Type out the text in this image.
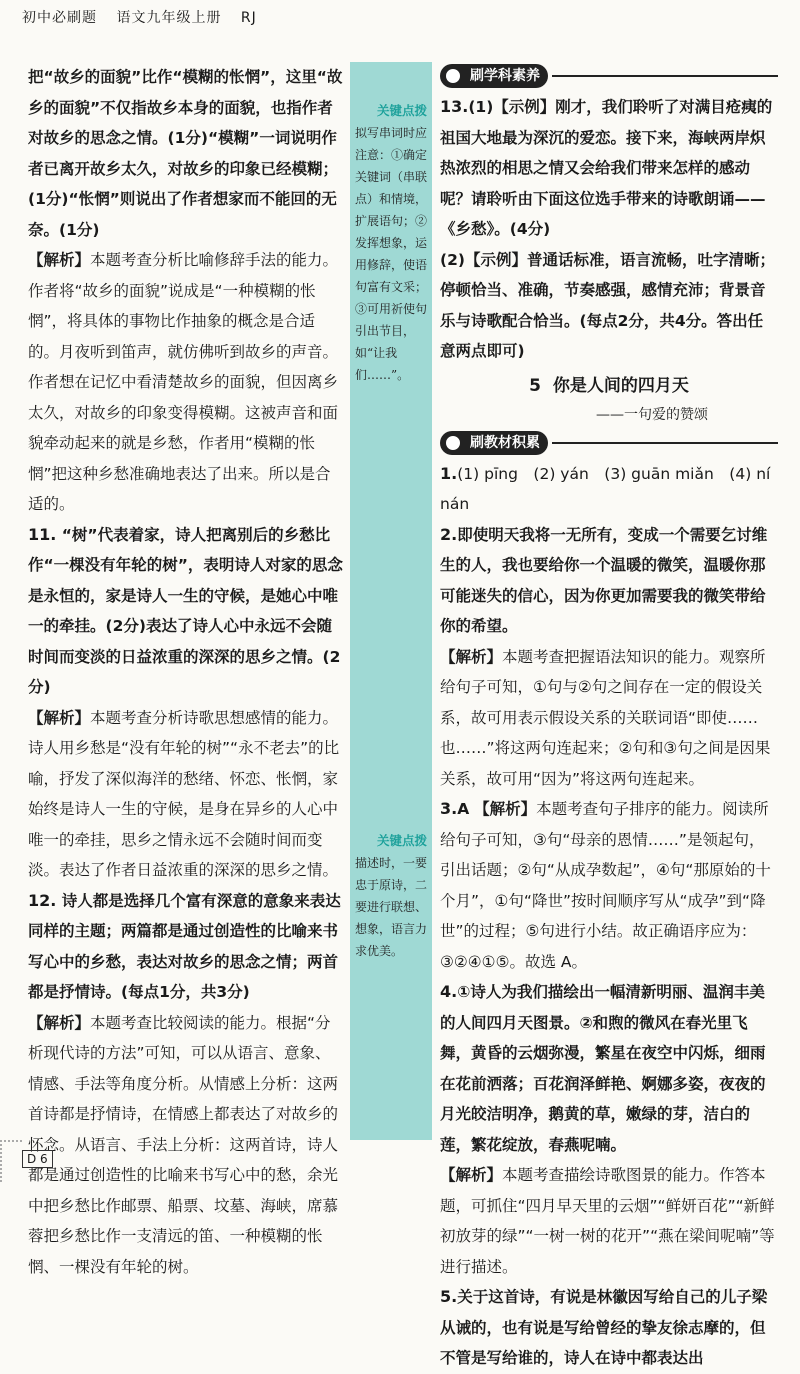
初中必刷题 语文九年级上册 RJ
关键点拨
拟写串词时应注意：①确定关键词（串联点）和情境，扩展语句；②发挥想象，运用修辞，使语句富有文采；③可用祈使句引出节目，如“让我们……”。
关键点拨
描述时，一要忠于原诗，二要进行联想、想象，语言力求优美。

把“故乡的面貌”比作“模糊的怅惘”，这里“故乡的面貌”不仅指故乡本身的面貌，也指作者对故乡的思念之情。(1分)“模糊”一词说明作者已离开故乡太久，对故乡的印象已经模糊；(1分)“怅惘”则说出了作者想家而不能回的无奈。(1分)

【解析】本题考查分析比喻修辞手法的能力。作者将“故乡的面貌”说成是“一种模糊的怅惘”，将具体的事物比作抽象的概念是合适的。月夜听到笛声，就仿佛听到故乡的声音。作者想在记忆中看清楚故乡的面貌，但因离乡太久，对故乡的印象变得模糊。这被声音和面貌牵动起来的就是乡愁，作者用“模糊的怅惘”把这种乡愁准确地表达了出来。所以是合适的。

11. “树”代表着家，诗人把离别后的乡愁比作“一棵没有年轮的树”，表明诗人对家的思念是永恒的，家是诗人一生的守候，是她心中唯一的牵挂。(2分)表达了诗人心中永远不会随时间而变淡的日益浓重的深深的思乡之情。(2分)

【解析】本题考查分析诗歌思想感情的能力。诗人用乡愁是“没有年轮的树”“永不老去”的比喻，抒发了深似海洋的愁绪、怀恋、怅惘，家始终是诗人一生的守候，是身在异乡的人心中唯一的牵挂，思乡之情永远不会随时间而变淡。表达了作者日益浓重的深深的思乡之情。

12. 诗人都是选择几个富有深意的意象来表达同样的主题；两篇都是通过创造性的比喻来书写心中的乡愁，表达对故乡的思念之情；两首都是抒情诗。(每点1分，共3分)

【解析】本题考查比较阅读的能力。根据“分析现代诗的方法”可知，可以从语言、意象、情感、手法等角度分析。从情感上分析：这两首诗都是抒情诗，在情感上都表达了对故乡的怀念。从语言、手法上分析：这两首诗，诗人都是通过创造性的比喻来书写心中的愁，余光中把乡愁比作邮票、船票、坟墓、海峡，席慕蓉把乡愁比作一支清远的笛、一种模糊的怅惘、一棵没有年轮的树。

刷学科素养

13.(1)【示例】刚才，我们聆听了对满目疮痍的祖国大地最为深沉的爱恋。接下来，海峡两岸炽热浓烈的相思之情又会给我们带来怎样的感动呢？请聆听由下面这位选手带来的诗歌朗诵——《乡愁》。(4分)

(2)【示例】普通话标准，语言流畅，吐字清晰；停顿恰当、准确，节奏感强，感情充沛；背景音乐与诗歌配合恰当。(每点2分，共4分。答出任意两点即可)

5 你是人间的四月天
——一句爱的赞颂
刷教材积累

1.(1) pīng　(2) yán　(3) guān miǎn　(4) ní nán

2.即使明天我将一无所有，变成一个需要乞讨维生的人，我也要给你一个温暖的微笑，温暖你那可能迷失的信心，因为你更加需要我的微笑带给你的希望。

【解析】本题考查把握语法知识的能力。观察所给句子可知，①句与②句之间存在一定的假设关系，故可用表示假设关系的关联词语“即使……也……”将这两句连起来；②句和③句之间是因果关系，故可用“因为”将这两句连起来。

3.A 【解析】本题考查句子排序的能力。阅读所给句子可知，③句“母亲的恩情……”是领起句，引出话题；②句“从成孕数起”，④句“那原始的十个月”，①句“降世”按时间顺序写从“成孕”到“降世”的过程；⑤句进行小结。故正确语序应为：③②④①⑤。故选 A。

4.①诗人为我们描绘出一幅清新明丽、温润丰美的人间四月天图景。②和煦的微风在春光里飞舞，黄昏的云烟弥漫，繁星在夜空中闪烁，细雨在花前洒落；百花润泽鲜艳、婀娜多姿，夜夜的月光皎洁明净，鹅黄的草，嫩绿的芽，洁白的莲，繁花绽放，春燕呢喃。

【解析】本题考查描绘诗歌图景的能力。作答本题，可抓住“四月早天里的云烟”“鲜妍百花”“新鲜初放芽的绿”“一树一树的花开”“燕在梁间呢喃”等进行描述。

5.关于这首诗，有说是林徽因写给自己的儿子梁从诫的，也有说是写给曾经的挚友徐志摩的，但不管是写给谁的，诗人在诗中都表达出

D 6
